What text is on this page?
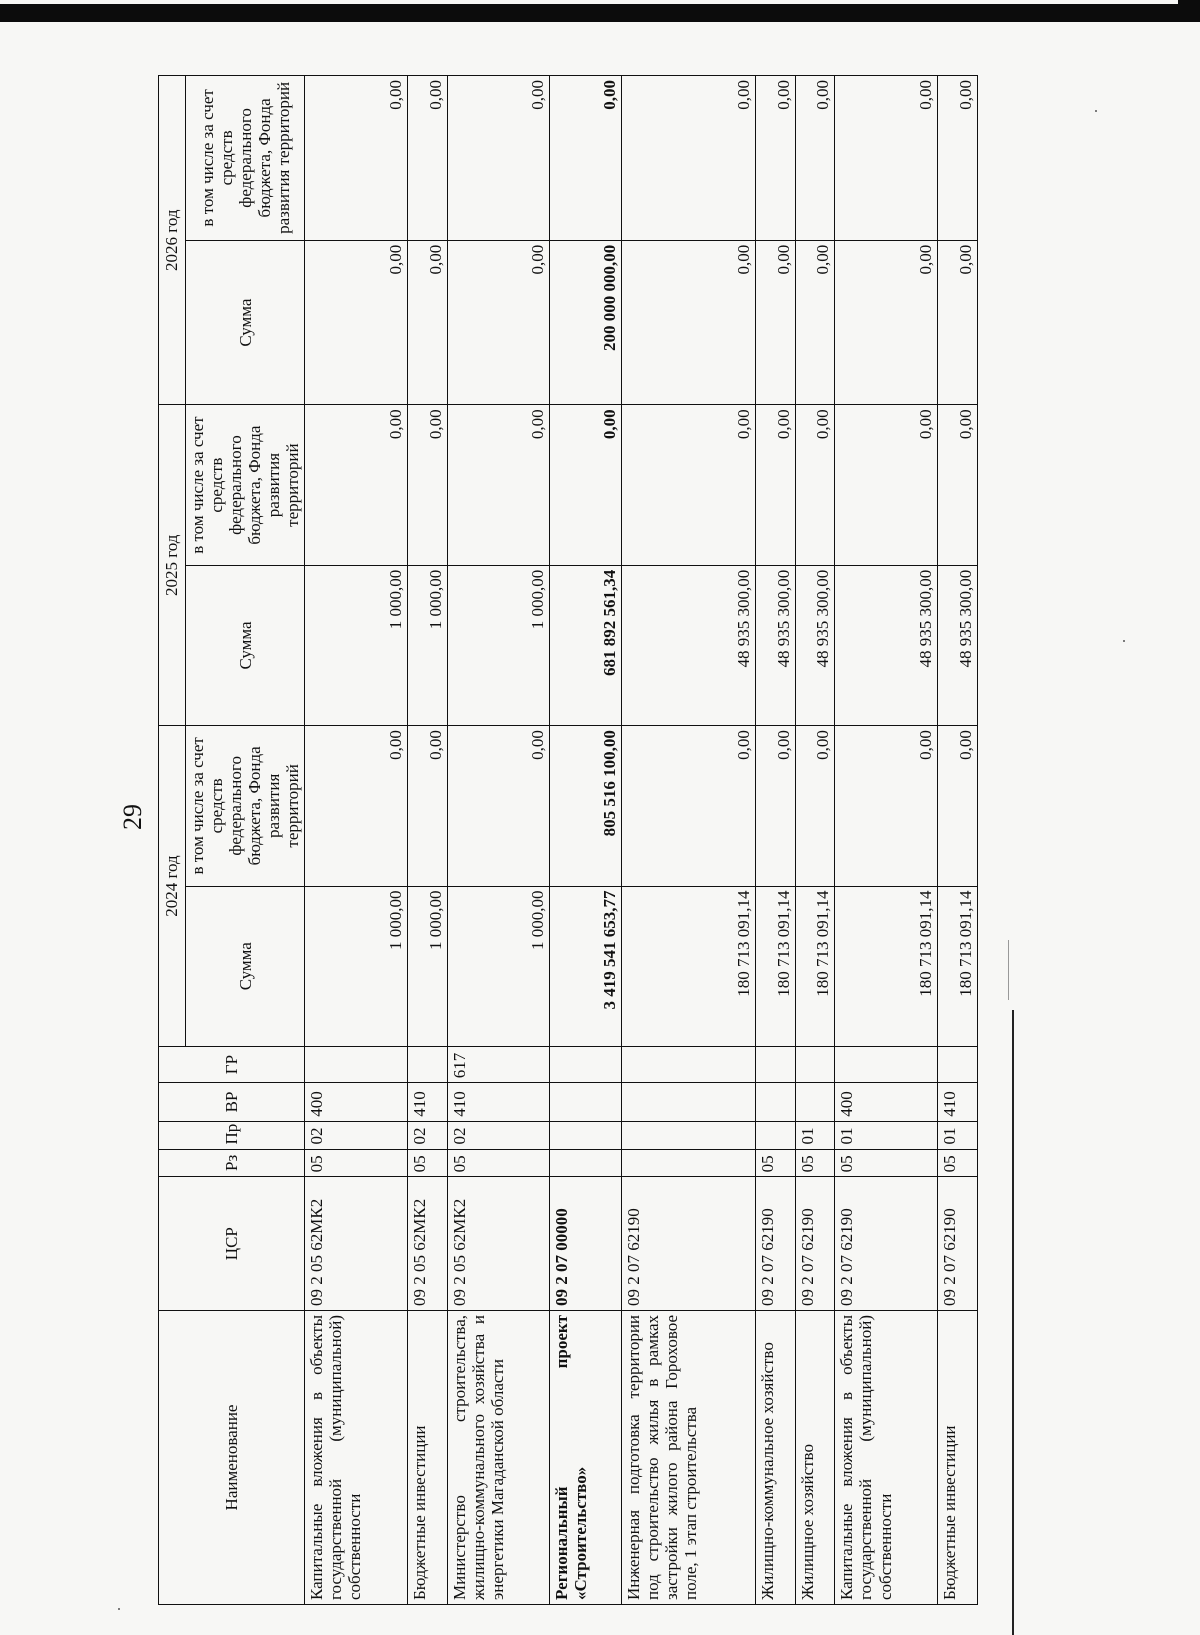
29
Наименование	ЦСР	Рз	Пр	ВР	ГР	2024 год		2025 год		2026 год	
						Сумма	в том числе за счет средств федерального бюджета, Фонда развития территорий	Сумма	в том числе за счет средств федерального бюджета, Фонда развития территорий	Сумма	в том числе за счет средств федерального бюджета, Фонда развития территорий
Капитальные вложения в объекты государственной (муниципальной) собственности	09 2 05 62МК2	05	02	400		1 000,00	0,00	1 000,00	0,00	0,00	0,00
Бюджетные инвестиции	09 2 05 62МК2	05	02	410		1 000,00	0,00	1 000,00	0,00	0,00	0,00
Министерство строительства, жилищно-коммунального хозяйства и энергетики Магаданской области	09 2 05 62МК2	05	02	410	617	1 000,00	0,00	1 000,00	0,00	0,00	0,00
Региональный проект «Строительство»	09 2 07 00000					3 419 541 653,77	805 516 100,00	681 892 561,34	0,00	200 000 000,00	0,00
Инженерная подготовка территории под строительство жилья в рамках застройки жилого района Гороховое поле, 1 этап строительства	09 2 07 62190					180 713 091,14	0,00	48 935 300,00	0,00	0,00	0,00
Жилищно-коммунальное хозяйство	09 2 07 62190	05				180 713 091,14	0,00	48 935 300,00	0,00	0,00	0,00
Жилищное хозяйство	09 2 07 62190	05	01			180 713 091,14	0,00	48 935 300,00	0,00	0,00	0,00
Капитальные вложения в объекты государственной (муниципальной) собственности	09 2 07 62190	05	01	400		180 713 091,14	0,00	48 935 300,00	0,00	0,00	0,00
Бюджетные инвестиции	09 2 07 62190	05	01	410		180 713 091,14	0,00	48 935 300,00	0,00	0,00	0,00
